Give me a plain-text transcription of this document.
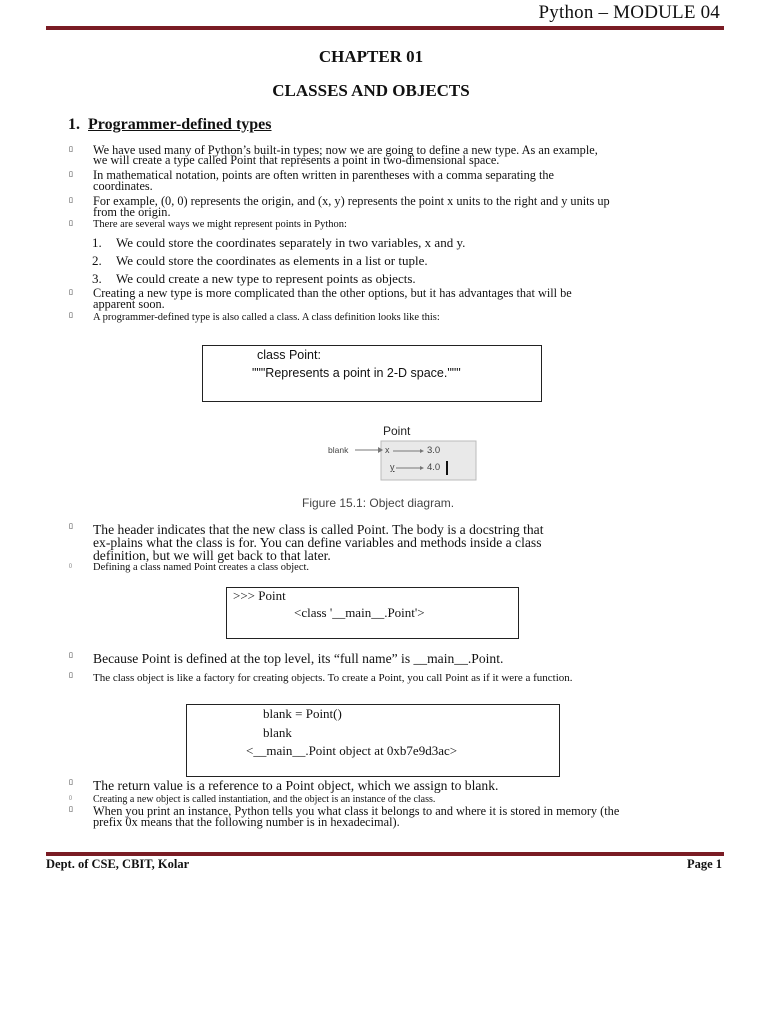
Python – MODULE 04
CHAPTER 01
CLASSES AND OBJECTS
1. Programmer-defined types
▯ We have used many of Python’s built-in types; now we are going to define a new type. As an example,
we will create a type called Point that represents a point in two-dimensional space.
▯ In mathematical notation, points are often written in parentheses with a comma separating the
coordinates.
▯ For example, (0, 0) represents the origin, and (x, y) represents the point x units to the right and y units up
from the origin.
▯ There are several ways we might represent points in Python:
1. We could store the coordinates separately in two variables, x and y.
2. We could store the coordinates as elements in a list or tuple.
3. We could create a new type to represent points as objects.
▯ Creating a new type is more complicated than the other options, but it has advantages that will be
apparent soon.
▯ A programmer-defined type is also called a class. A class definition looks like this:
class Point:
"""Represents a point in 2-D space."""
Point
blank	x	3.0
y	4.0
Figure 15.1: Object diagram.
▯ The header indicates that the new class is called Point. The body is a docstring that
ex-plains what the class is for. You can define variables and methods inside a class
definition, but we will get back to that later.
▯ Defining a class named Point creates a class object.
>>> Point
<class '__main__.Point'>
▯ Because Point is defined at the top level, its “full name” is __main__.Point.
▯ The class object is like a factory for creating objects. To create a Point, you call Point as if it were a function.
blank = Point()
blank
<__main__.Point object at 0xb7e9d3ac>
▯ The return value is a reference to a Point object, which we assign to blank.
▯ Creating a new object is called instantiation, and the object is an instance of the class.
▯ When you print an instance, Python tells you what class it belongs to and where it is stored in memory (the
prefix 0x means that the following number is in hexadecimal).
Dept. of CSE, CBIT, Kolar	Page 1
